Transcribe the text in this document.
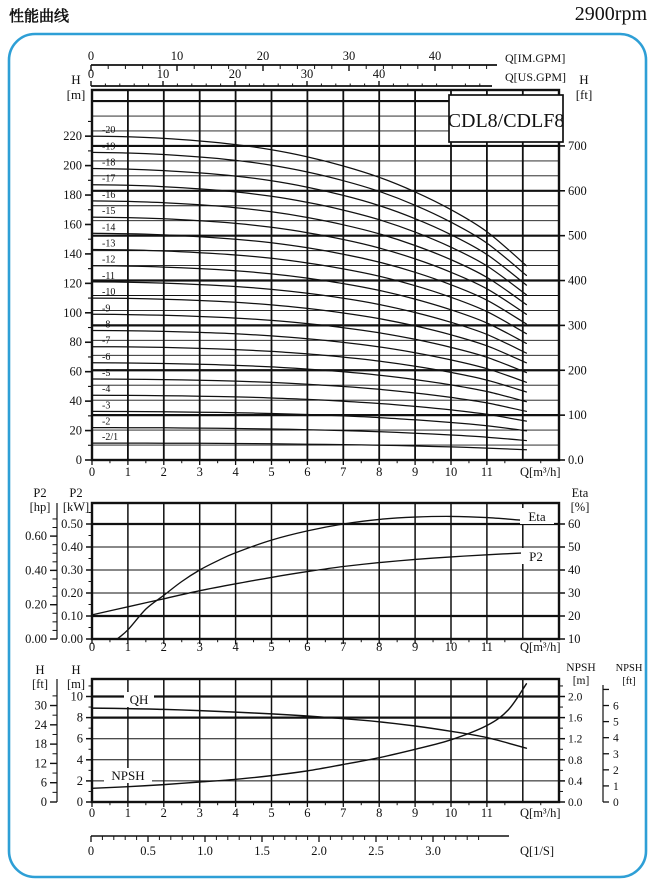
性能曲线	2900rpm
-20
-19
-18
-17
-16
-15
-14
-13
-12
-11
-10
-9
-8
-7
-6
-5
-4
-3
-2
-2/1
0
20
40
60
80
100
120
140
160
180
200
220
H
[m]
0.0
100
200
300
400
500
600
700
H
[ft]
0 1 2 3 4 5 6 7 8 9 10 11 Q[m³/h]
0	10	20	30	40	Q[IM.GPM]
0	10	20	30	40	Q[US.GPM]
CDL8/CDLF8
Eta
P2
0.00
0.10
0.20
0.30
0.40
0.50
P2
[kW]
0.00
0.20
0.40
0.60
P2
[hp]
10
20
30
40
50
60
Eta
[%]
0 1 2 3 4 5 6 7 8 9 10 11 Q[m³/h]
QH
NPSH
0
2
4
6
8
10
H
[m]
0
6
12
18
24
30
H
[ft]
0.0
0.4
0.8
1.2
1.6
2.0
NPSH
[m]
0
1
2
3
4
5
6
NPSH
[ft]
0 1 2 3 4 5 6 7 8 9 10 11 Q[m³/h]
0	0.5	1.0	1.5	2.0	2.5	3.0	Q[1/S]
